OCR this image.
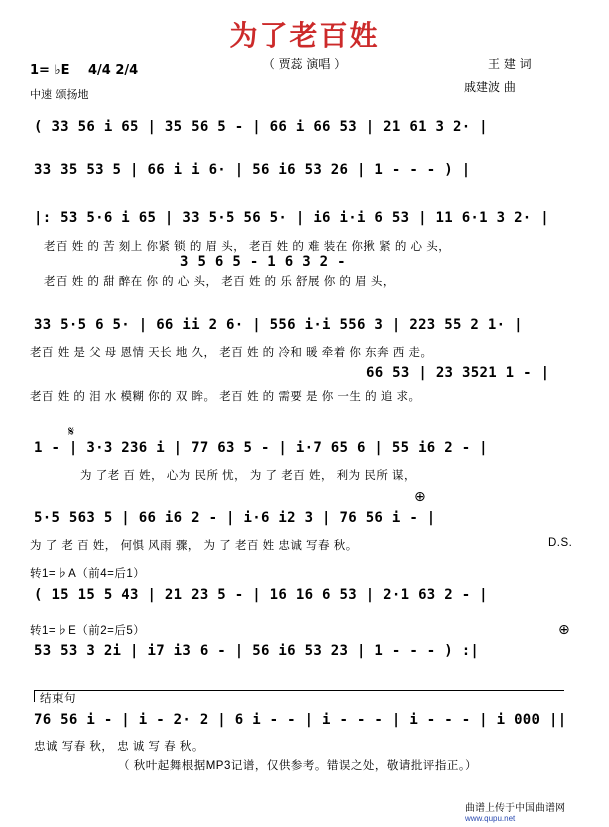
为了老百姓
（ 贾蕊 演唱 ）
1= ♭E 4/4 2/4
中速 颂扬地
王 建 词
戚建波 曲
( 33 56 i 65 | 35 56 5 - | 66 i 66 53 | 21 61 3 2· |
33 35 53 5 | 66 i i 6· | 56 i6 53 26 | 1 - - - ) |
|: 53 5·6 i 65 | 33 5·5 56 5· | i6 i·i 6 53 | 11 6·1 3 2· |
老百 姓 的 苦 刻上 你紧 锁 的 眉 头， 老百 姓 的 难 装在 你揪 紧 的 心 头，
3 5 6 5 - 1 6 3 2 -
老百 姓 的 甜 醉在 你 的 心 头， 老百 姓 的 乐 舒展 你 的 眉 头，
33 5·5 6 5· | 66 ii 2 6· | 556 i·i 556 3 | 223 55 2 1· |
老百 姓 是 父 母 恩情 天长 地 久， 老百 姓 的 冷和 暖 牵着 你 东奔 西 走。
66 53 | 23 3521 1 - |
老百 姓 的 泪 水 模糊 你的 双 眸。 老百 姓 的 需要 是 你 一生 的 追 求。
𝄋
1 - | 3·3 236 i | 77 63 5 - | i·7 65 6 | 55 i6 2 - |
为 了老 百 姓， 心为 民所 忧， 为 了 老百 姓， 利为 民所 谋，
⊕
5·5 563 5 | 66 i6 2 - | i·6 i2 3 | 76 56 i - |
为 了 老 百 姓， 何惧 风雨 骤， 为 了 老百 姓 忠诚 写春 秋。	D.S.
转1=♭A（前4=后1）
( 15 15 5 43 | 21 23 5 - | 16 16 6 53 | 2·1 63 2 - |
转1=♭E（前2=后5）	⊕
53 53 3 2i | i7 i3 6 - | 56 i6 53 23 | 1 - - - ) :|
结束句
76 56 i - | i - 2· 2 | 6 i - - | i - - - | i - - - | i 000 ||
忠诚 写春 秋， 忠 诚 写 春 秋。
（ 秋叶起舞根据MP3记谱，仅供参考。错误之处，敬请批评指正。）
曲谱上传于中国曲谱网
www.qupu.net
